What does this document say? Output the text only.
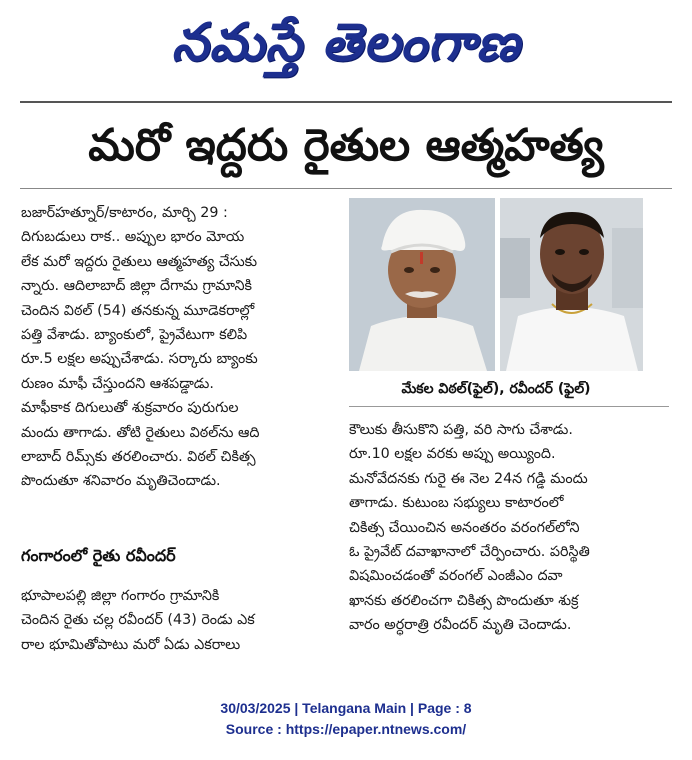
నమస్తే తెలంగాణ
మరో ఇద్దరు రైతుల ఆత్మహత్య
బజార్‌హత్నూర్/కాటారం, మార్చి 29 :
దిగుబడులు రాక.. అప్పుల భారం మోయ
లేక మరో ఇద్దరు రైతులు ఆత్మహత్య చేసుకు
న్నారు. ఆదిలాబాద్ జిల్లా దేగామ గ్రామానికి
చెందిన విఠల్ (54) తనకున్న మూడెకరాల్లో
పత్తి వేశాడు. బ్యాంకులో, ప్రైవేటుగా కలిపి
రూ.5 లక్షల అప్పుచేశాడు. సర్కారు బ్యాంకు
రుణం మాఫీ చేస్తుందని ఆశపడ్డాడు.
మాఫీకాక దిగులుతో శుక్రవారం పురుగుల
మందు తాగాడు. తోటి రైతులు విఠల్‌ను ఆది
లాబాద్ రిమ్స్‌కు తరలించారు. విఠల్ చికిత్స
పొందుతూ శనివారం మృతిచెందాడు.
గంగారంలో రైతు రవీందర్
భూపాలపల్లి జిల్లా గంగారం గ్రామానికి
చెందిన రైతు చల్ల రవీందర్ (43) రెండు ఎక
రాల భూమితోపాటు మరో ఏడు ఎకరాలు
మేకల విఠల్(ఫైల్), రవీందర్ (ఫైల్)
కౌలుకు తీసుకొని పత్తి, వరి సాగు చేశాడు.
రూ.10 లక్షల వరకు అప్పు అయ్యింది.
మనోవేదనకు గురై ఈ నెల 24న గడ్డి మందు
తాగాడు. కుటుంబ సభ్యులు కాటారంలో
చికిత్స చేయించిన అనంతరం వరంగల్‌లోని
ఓ ప్రైవేట్ దవాఖానాలో చేర్పించారు. పరిస్థితి
విషమించడంతో వరంగల్ ఎంజీఎం దవా
ఖానకు తరలించగా చికిత్స పొందుతూ శుక్ర
వారం అర్ధరాత్రి రవీందర్ మృతి చెందాడు.
30/03/2025 | Telangana Main | Page : 8
Source : https://epaper.ntnews.com/
